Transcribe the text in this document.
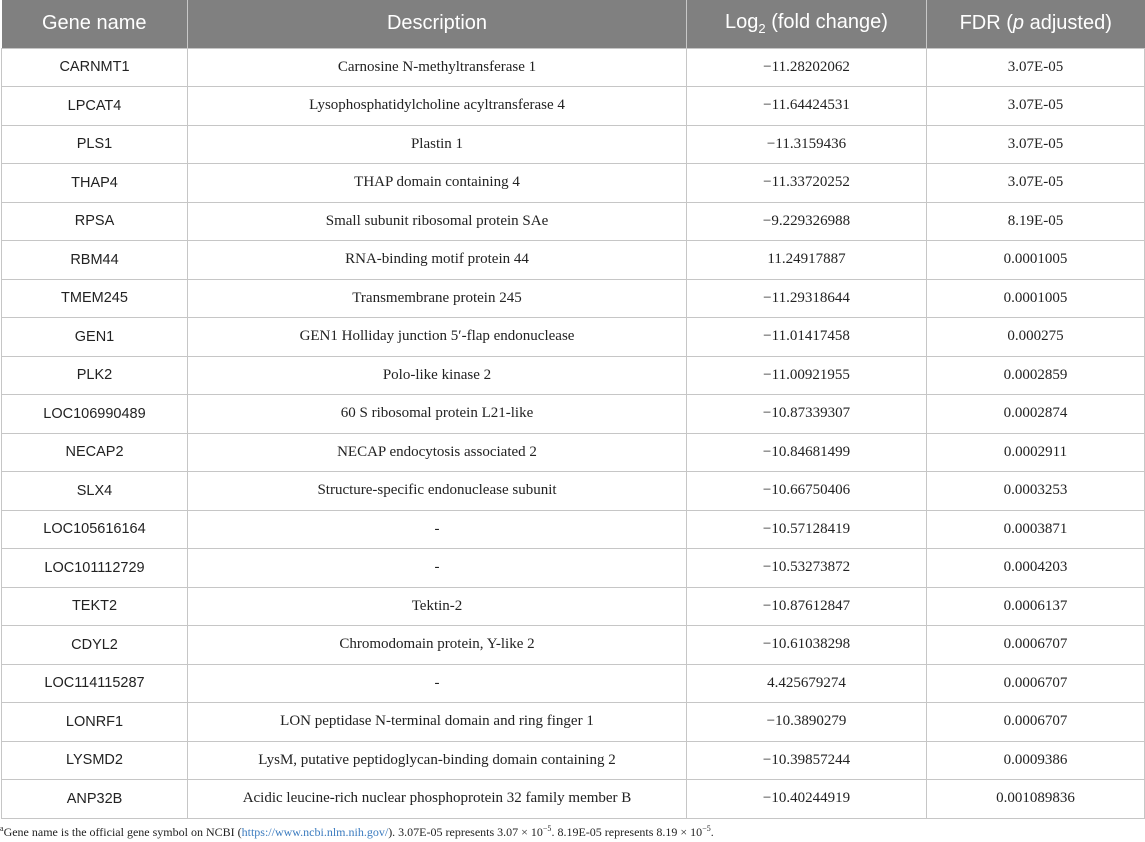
Gene name	Description	Log$_2$ (fold change)	FDR (p adjusted)
CARNMT1	Carnosine N-methyltransferase 1	−11.28202062	3.07E-05
LPCAT4	Lysophosphatidylcholine acyltransferase 4	−11.64424531	3.07E-05
PLS1	Plastin 1	−11.3159436	3.07E-05
THAP4	THAP domain containing 4	−11.33720252	3.07E-05
RPSA	Small subunit ribosomal protein SAe	−9.229326988	8.19E-05
RBM44	RNA-binding motif protein 44	11.24917887	0.0001005
TMEM245	Transmembrane protein 245	−11.29318644	0.0001005
GEN1	GEN1 Holliday junction 5′-flap endonuclease	−11.01417458	0.000275
PLK2	Polo-like kinase 2	−11.00921955	0.0002859
LOC106990489	60 S ribosomal protein L21-like	−10.87339307	0.0002874
NECAP2	NECAP endocytosis associated 2	−10.84681499	0.0002911
SLX4	Structure-specific endonuclease subunit	−10.66750406	0.0003253
LOC105616164	-	−10.57128419	0.0003871
LOC101112729	-	−10.53273872	0.0004203
TEKT2	Tektin-2	−10.87612847	0.0006137
CDYL2	Chromodomain protein, Y-like 2	−10.61038298	0.0006707
LOC114115287	-	4.425679274	0.0006707
LONRF1	LON peptidase N-terminal domain and ring finger 1	−10.3890279	0.0006707
LYSMD2	LysM, putative peptidoglycan-binding domain containing 2	−10.39857244	0.0009386
ANP32B	Acidic leucine-rich nuclear phosphoprotein 32 family member B	−10.40244919	0.001089836
$^a$Gene name is the official gene symbol on NCBI (https://www.ncbi.nlm.nih.gov/). 3.07E-05 represents $3.07 \times 10^{-5}$. 8.19E-05 represents $8.19 \times 10^{-5}$.
